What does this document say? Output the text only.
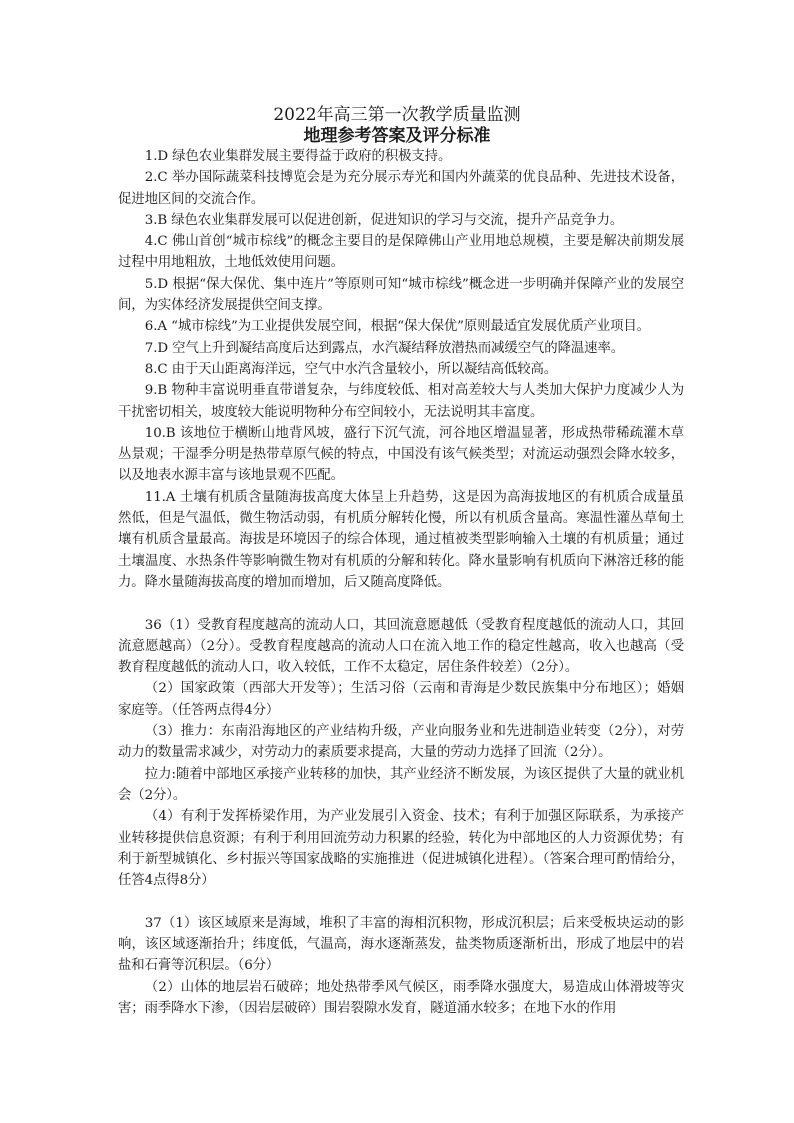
2022年高三第一次教学质量监测
地理参考答案及评分标准

1.D 绿色农业集群发展主要得益于政府的积极支持。

2.C 举办国际蔬菜科技博览会是为充分展示寿光和国内外蔬菜的优良品种、先进技术设备，促进地区间的交流合作。

3.B 绿色农业集群发展可以促进创新，促进知识的学习与交流，提升产品竞争力。

4.C 佛山首创“城市棕线”的概念主要目的是保障佛山产业用地总规模，主要是解决前期发展过程中用地粗放，土地低效使用问题。

5.D 根据“保大保优、集中连片”等原则可知“城市棕线”概念进一步明确并保障产业的发展空间，为实体经济发展提供空间支撑。

6.A “城市棕线”为工业提供发展空间，根据“保大保优”原则最适宜发展优质产业项目。

7.D 空气上升到凝结高度后达到露点，水汽凝结释放潜热而减缓空气的降温速率。

8.C 由于天山距离海洋远，空气中水汽含量较小，所以凝结高低较高。

9.B 物种丰富说明垂直带谱复杂，与纬度较低、相对高差较大与人类加大保护力度减少人为干扰密切相关，坡度较大能说明物种分布空间较小，无法说明其丰富度。

10.B 该地位于横断山地背风坡，盛行下沉气流，河谷地区增温显著，形成热带稀疏灌木草丛景观；干湿季分明是热带草原气候的特点，中国没有该气候类型；对流运动强烈会降水较多，以及地表水源丰富与该地景观不匹配。

11.A 土壤有机质含量随海拔高度大体呈上升趋势，这是因为高海拔地区的有机质合成量虽然低，但是气温低，微生物活动弱，有机质分解转化慢，所以有机质含量高。寒温性灌丛草甸土壤有机质含量最高。海拔是环境因子的综合体现，通过植被类型影响输入土壤的有机质量；通过土壤温度、水热条件等影响微生物对有机质的分解和转化。降水量影响有机质向下淋溶迁移的能力。降水量随海拔高度的增加而增加，后又随高度降低。

36（1）受教育程度越高的流动人口，其回流意愿越低（受教育程度越低的流动人口，其回流意愿越高）（2分）。受教育程度越高的流动人口在流入地工作的稳定性越高，收入也越高（受教育程度越低的流动人口，收入较低，工作不太稳定，居住条件较差）（2分）。

（2）国家政策（西部大开发等）；生活习俗（云南和青海是少数民族集中分布地区）；婚姻家庭等。（任答两点得4分）

（3）推力：东南沿海地区的产业结构升级，产业向服务业和先进制造业转变（2分），对劳动力的数量需求减少，对劳动力的素质要求提高，大量的劳动力选择了回流（2分）。

拉力:随着中部地区承接产业转移的加快，其产业经济不断发展，为该区提供了大量的就业机会（2分）。

（4）有利于发挥桥梁作用，为产业发展引入资金、技术；有利于加强区际联系，为承接产业转移提供信息资源；有利于利用回流劳动力积累的经验，转化为中部地区的人力资源优势；有利于新型城镇化、乡村振兴等国家战略的实施推进（促进城镇化进程）。（答案合理可酌情给分，任答4点得8分）

37（1）该区域原来是海域，堆积了丰富的海相沉积物，形成沉积层；后来受板块运动的影响，该区域逐渐抬升；纬度低，气温高，海水逐渐蒸发，盐类物质逐渐析出，形成了地层中的岩盐和石膏等沉积层。（6分）

（2）山体的地层岩石破碎；地处热带季风气候区，雨季降水强度大，易造成山体滑坡等灾害；雨季降水下渗，（因岩层破碎）围岩裂隙水发育，隧道涌水较多；在地下水的作用
